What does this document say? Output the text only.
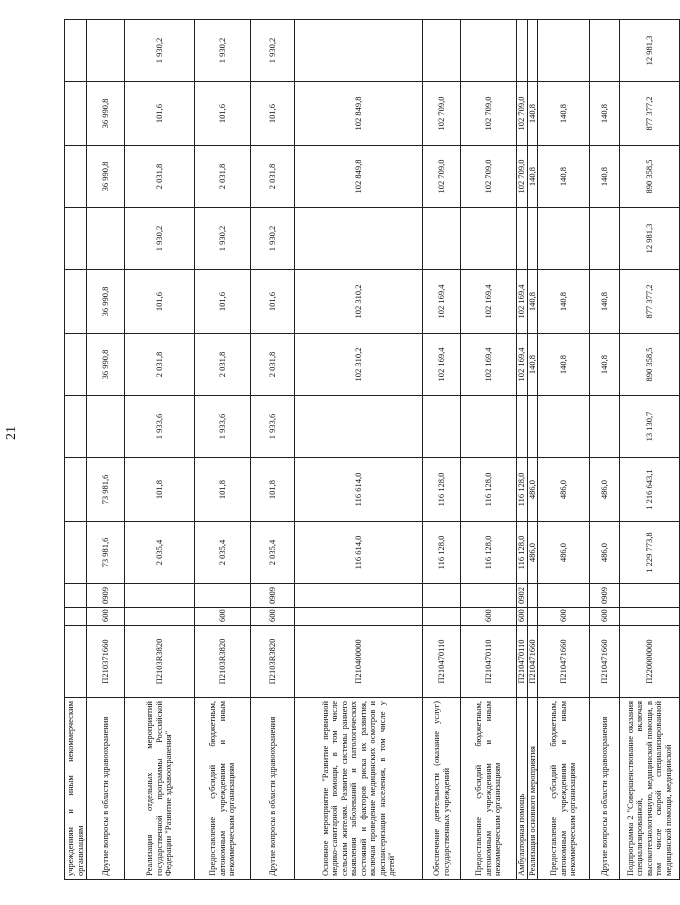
21
учреждениям и иным некоммерческим организациям												
Другие вопросы в области здравоохранения	П210371660	600	0909	73 981,6	73 981,6		36 990,8	36 990,8		36 990,8	36 990,8	
Реализация отдельных мероприятий государственной программы Российской Федерации "Развитие здравоохранения"	П2103R3820			2 035,4	101,8	1 933,6	2 031,8	101,6	1 930,2	2 031,8	101,6	1 930,2
Предоставление субсидий бюджетным, автономным учреждениям и иным некоммерческим организациям	П2103R3820	600		2 035,4	101,8	1 933,6	2 031,8	101,6	1 930,2	2 031,8	101,6	1 930,2
Другие вопросы в области здравоохранения	П2103R3820	600	0909	2 035,4	101,8	1 933,6	2 031,8	101,6	1 930,2	2 031,8	101,6	1 930,2
Основное мероприятие "Развитие первичной медико-санитарной помощи, в том числе сельским жителям. Развитие системы раннего выявления заболеваний и патологических состояний и факторов риска их развития, включая проведение медицинских осмотров и диспансеризации населения, в том числе у детей"	П210400000			116 614,0	116 614,0		102 310,2	102 310,2		102 849,8	102 849,8	
Обеспечение деятельности (оказание услуг) государственных учреждений	П210470110			116 128,0	116 128,0		102 169,4	102 169,4		102 709,0	102 709,0	
Предоставление субсидий бюджетным, автономным учреждениям и иным некоммерческим организациям	П210470110	600		116 128,0	116 128,0		102 169,4	102 169,4		102 709,0	102 709,0	
Амбулаторная помощь	П210470110	600	0902	116 128,0	116 128,0		102 169,4	102 169,4		102 709,0	102 709,0	
Реализация основного мероприятия	П210471660			486,0	486,0		140,8	140,8		140,8	140,8	
Предоставление субсидий бюджетным, автономным учреждениям и иным некоммерческим организациям	П210471660	600		486,0	486,0		140,8	140,8		140,8	140,8	
Другие вопросы в области здравоохранения	П210471660	600	0909	486,0	486,0		140,8	140,8		140,8	140,8	
Подпрограмма 2 "Совершенствование оказания специализированной, включая высокотехнологичную, медицинской помощи, в том числе скорой специализированной медицинской помощи, медицинской	П220000000			1 229 773,8	1 216 643,1	13 130,7	890 358,5	877 377,2	12 981,3	890 358,5	877 377,2	12 981,3
